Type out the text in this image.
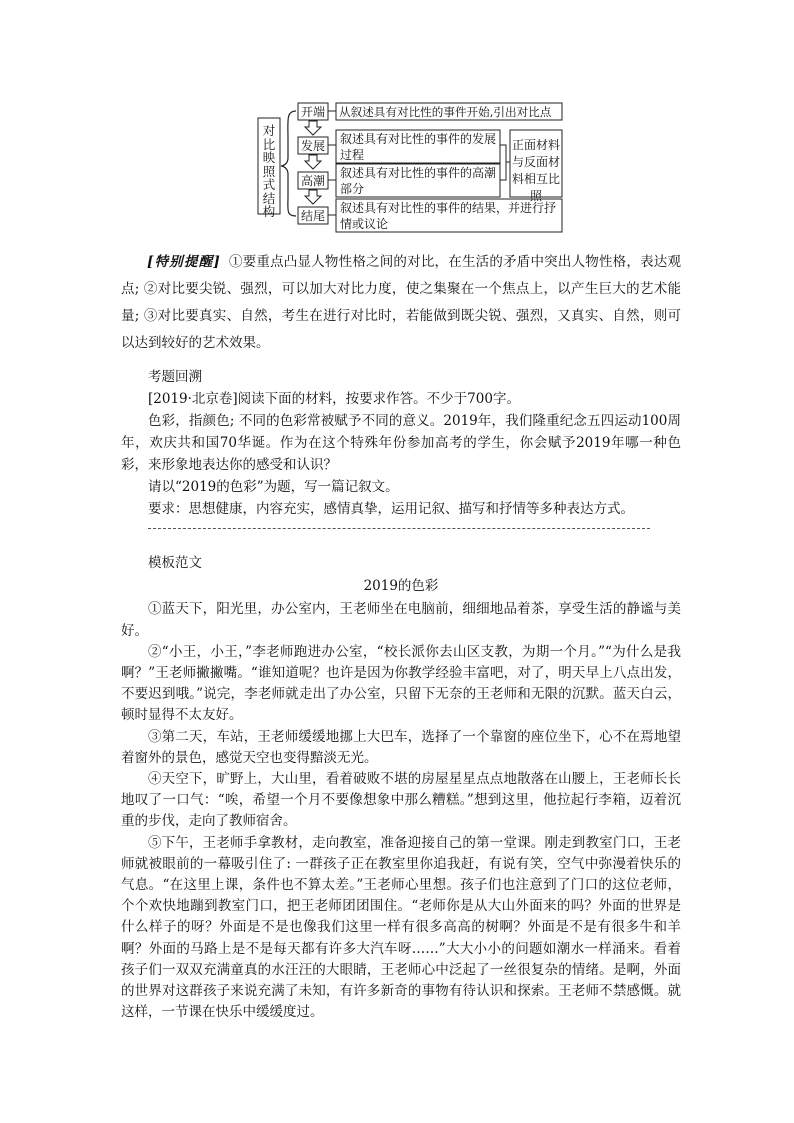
对比映照式结构
开端
发展
高潮
结尾
从叙述具有对比性的事件开始,引出对比点
叙述具有对比性的事件的发展过程
叙述具有对比性的事件的高潮部分
叙述具有对比性的事件的结果，并进行抒情或议论
正面材料与反面材料相互比照
[特别提醒] ①要重点凸显人物性格之间的对比，在生活的矛盾中突出人物性格，表达观点; ②对比要尖锐、强烈，可以加大对比力度，使之集聚在一个焦点上，以产生巨大的艺术能量; ③对比要真实、自然，考生在进行对比时，若能做到既尖锐、强烈，又真实、自然，则可以达到较好的艺术效果。

考题回溯

[2019·北京卷]阅读下面的材料，按要求作答。不少于700字。

色彩，指颜色; 不同的色彩常被赋予不同的意义。2019年，我们隆重纪念五四运动100周年，欢庆共和国70华诞。作为在这个特殊年份参加高考的学生，你会赋予2019年哪一种色彩，来形象地表达你的感受和认识？

请以“2019的色彩”为题，写一篇记叙文。

要求：思想健康，内容充实，感情真挚，运用记叙、描写和抒情等多种表达方式。

模板范文

2019的色彩

①蓝天下，阳光里，办公室内，王老师坐在电脑前，细细地品着茶，享受生活的静谧与美好。

②“小王，小王，”李老师跑进办公室，“校长派你去山区支教，为期一个月。”“为什么是我啊？”王老师撇撇嘴。“谁知道呢？也许是因为你教学经验丰富吧，对了，明天早上八点出发，不要迟到哦。”说完，李老师就走出了办公室，只留下无奈的王老师和无限的沉默。蓝天白云，顿时显得不太友好。

③第二天，车站，王老师缓缓地挪上大巴车，选择了一个靠窗的座位坐下，心不在焉地望着窗外的景色，感觉天空也变得黯淡无光。

④天空下，旷野上，大山里，看着破败不堪的房屋星星点点地散落在山腰上，王老师长长地叹了一口气：“唉，希望一个月不要像想象中那么糟糕。”想到这里，他拉起行李箱，迈着沉重的步伐，走向了教师宿舍。

⑤下午，王老师手拿教材，走向教室，准备迎接自己的第一堂课。刚走到教室门口，王老师就被眼前的一幕吸引住了: 一群孩子正在教室里你追我赶，有说有笑，空气中弥漫着快乐的气息。“在这里上课，条件也不算太差。”王老师心里想。孩子们也注意到了门口的这位老师，个个欢快地蹦到教室门口，把王老师团团围住。“老师你是从大山外面来的吗？外面的世界是什么样子的呀？外面是不是也像我们这里一样有很多高高的树啊？外面是不是有很多牛和羊啊？外面的马路上是不是每天都有许多大汽车呀……”大大小小的问题如潮水一样涌来。看着孩子们一双双充满童真的水汪汪的大眼睛，王老师心中泛起了一丝很复杂的情绪。是啊，外面的世界对这群孩子来说充满了未知，有许多新奇的事物有待认识和探索。王老师不禁感慨。就这样，一节课在快乐中缓缓度过。
